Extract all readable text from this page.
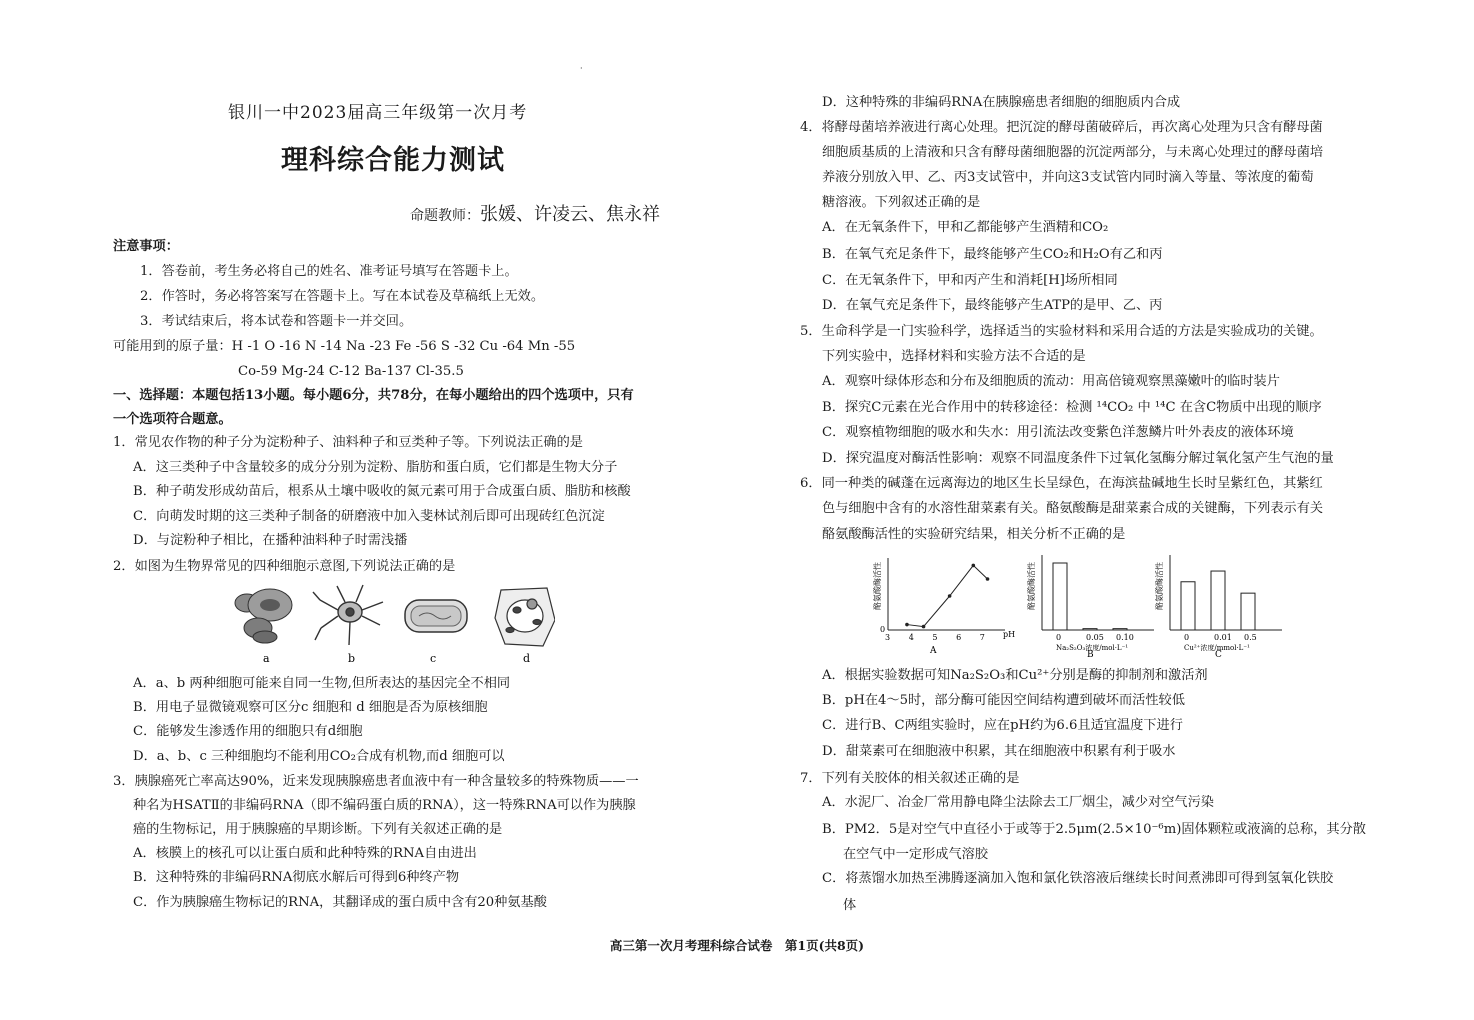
·
银川一中2023届高三年级第一次月考
理科综合能力测试
命题教师：张媛、许凌云、焦永祥
注意事项：
1．答卷前，考生务必将自己的姓名、准考证号填写在答题卡上。
2．作答时，务必将答案写在答题卡上。写在本试卷及草稿纸上无效。
3．考试结束后，将本试卷和答题卡一并交回。
可能用到的原子量：H -1 O -16 N -14 Na -23 Fe -56 S -32 Cu -64 Mn -55
Co-59 Mg-24 C-12 Ba-137 Cl-35.5
一、选择题：本题包括13小题。每小题6分，共78分，在每小题给出的四个选项中，只有
一个选项符合题意。
1．常见农作物的种子分为淀粉种子、油料种子和豆类种子等。下列说法正确的是
A．这三类种子中含量较多的成分分别为淀粉、脂肪和蛋白质，它们都是生物大分子
B．种子萌发形成幼苗后，根系从土壤中吸收的氮元素可用于合成蛋白质、脂肪和核酸
C．向萌发时期的这三类种子制备的研磨液中加入斐林试剂后即可出现砖红色沉淀
D．与淀粉种子相比，在播种油料种子时需浅播
2．如图为生物界常见的四种细胞示意图,下列说法正确的是
a	b	c	d
A．a、b 两种细胞可能来自同一生物,但所表达的基因完全不相同
B．用电子显微镜观察可区分c 细胞和 d 细胞是否为原核细胞
C．能够发生渗透作用的细胞只有d细胞
D．a、b、c 三种细胞均不能利用CO₂合成有机物,而d 细胞可以
3．胰腺癌死亡率高达90%，近来发现胰腺癌患者血液中有一种含量较多的特殊物质——一
种名为HSATⅡ的非编码RNA（即不编码蛋白质的RNA），这一特殊RNA可以作为胰腺
癌的生物标记，用于胰腺癌的早期诊断。下列有关叙述正确的是
A．核膜上的核孔可以让蛋白质和此种特殊的RNA自由进出
B．这种特殊的非编码RNA彻底水解后可得到6种终产物
C．作为胰腺癌生物标记的RNA，其翻译成的蛋白质中含有20种氨基酸
D．这种特殊的非编码RNA在胰腺癌患者细胞的细胞质内合成
4．将酵母菌培养液进行离心处理。把沉淀的酵母菌破碎后，再次离心处理为只含有酵母菌
细胞质基质的上清液和只含有酵母菌细胞器的沉淀两部分，与未离心处理过的酵母菌培
养液分别放入甲、乙、丙3支试管中，并向这3支试管内同时滴入等量、等浓度的葡萄
糖溶液。下列叙述正确的是
A．在无氧条件下，甲和乙都能够产生酒精和CO₂
B．在氧气充足条件下，最终能够产生CO₂和H₂O有乙和丙
C．在无氧条件下，甲和丙产生和消耗[H]场所相同
D．在氧气充足条件下，最终能够产生ATP的是甲、乙、丙
5．生命科学是一门实验科学，选择适当的实验材料和采用合适的方法是实验成功的关键。
下列实验中，选择材料和实验方法不合适的是
A．观察叶绿体形态和分布及细胞质的流动：用高倍镜观察黑藻嫩叶的临时装片
B．探究C元素在光合作用中的转移途径：检测 ¹⁴CO₂ 中 ¹⁴C 在含C物质中出现的顺序
C．观察植物细胞的吸水和失水：用引流法改变紫色洋葱鳞片叶外表皮的液体环境
D．探究温度对酶活性影响：观察不同温度条件下过氧化氢酶分解过氧化氢产生气泡的量
6．同一种类的碱蓬在远离海边的地区生长呈绿色，在海滨盐碱地生长时呈紫红色，其紫红
色与细胞中含有的水溶性甜菜素有关。酪氨酸酶是甜菜素合成的关键酶，下列表示有关
酪氨酸酶活性的实验研究结果，相关分析不正确的是
3 4 5 6 7
0
pH
A
酪氨酸酶活性	酪氨酸酶活性
0	0.05 0.10
Na₂S₂O₃浓度/mol·L⁻¹
B
酪氨酸酶活性
0	0.01 0.5
Cu²⁺浓度/mmol·L⁻¹
C
A．根据实验数据可知Na₂S₂O₃和Cu²⁺分别是酶的抑制剂和激活剂
B．pH在4～5时，部分酶可能因空间结构遭到破坏而活性较低
C．进行B、C两组实验时，应在pH约为6.6且适宜温度下进行
D．甜菜素可在细胞液中积累，其在细胞液中积累有利于吸水
7．下列有关胶体的相关叙述正确的是
A．水泥厂、冶金厂常用静电降尘法除去工厂烟尘，减少对空气污染
B．PM2．5是对空气中直径小于或等于2.5μm(2.5×10⁻⁶m)固体颗粒或液滴的总称，其分散
在空气中一定形成气溶胶
C．将蒸馏水加热至沸腾逐滴加入饱和氯化铁溶液后继续长时间煮沸即可得到氢氧化铁胶
体
高三第一次月考理科综合试卷　第1页(共8页)
